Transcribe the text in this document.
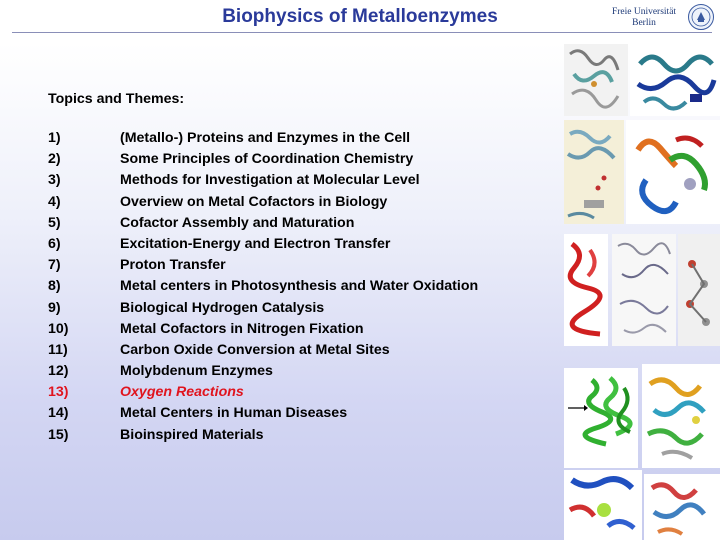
Biophysics of Metalloenzymes	Freie Universität
Berlin
Topics and Themes:
1)	(Metallo-) Proteins and Enzymes in the Cell
2)	Some Principles of Coordination Chemistry
3)	Methods for Investigation at Molecular Level
4)	Overview on Metal Cofactors in Biology
5)	Cofactor Assembly and Maturation
6)	Excitation-Energy and Electron Transfer
7)	Proton Transfer
8)	Metal centers in Photosynthesis and Water Oxidation
9)	Biological Hydrogen Catalysis
10)	Metal Cofactors in Nitrogen Fixation
11)	Carbon Oxide Conversion at Metal Sites
12)	Molybdenum Enzymes
13)	Oxygen Reactions
14)	Metal Centers in Human Diseases
15)	Bioinspired Materials
